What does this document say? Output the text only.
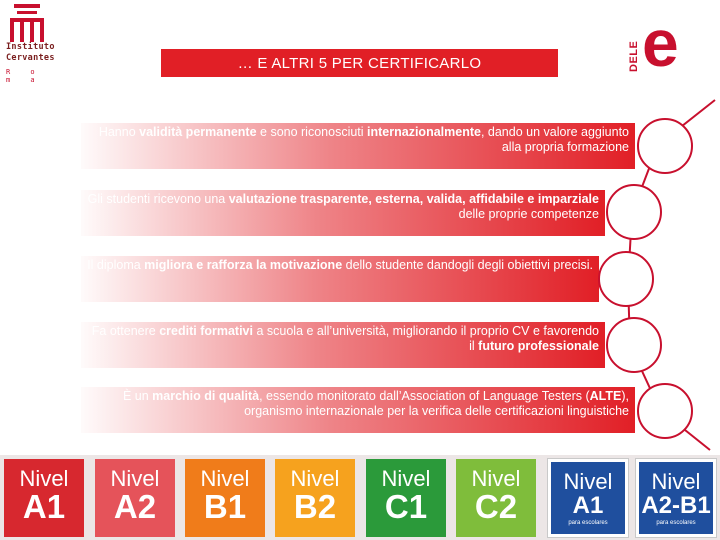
Instituto
Cervantes
R o m a
… E ALTRI 5 PER CERTIFICARLO	DELE e
Hanno validità permanente e sono riconosciuti internazionalmente, dando un valore aggiunto alla propria formazione
Gli studenti ricevono una valutazione trasparente, esterna, valida, affidabile e imparziale delle proprie competenze
Il diploma migliora e rafforza la motivazione dello studente dandogli degli obiettivi precisi.
Fa ottenere crediti formativi a scuola e all’università, migliorando il proprio CV e favorendo il futuro professionale
È un marchio di qualità, essendo monitorato dall’Association of Language Testers (ALTE), organismo internazionale per la verifica delle certificazioni linguistiche
Nivel
A1
Nivel
A2
Nivel
B1
Nivel
B2
Nivel
C1
Nivel
C2
Nivel
A1
para escolares
Nivel
A2-B1
para escolares
